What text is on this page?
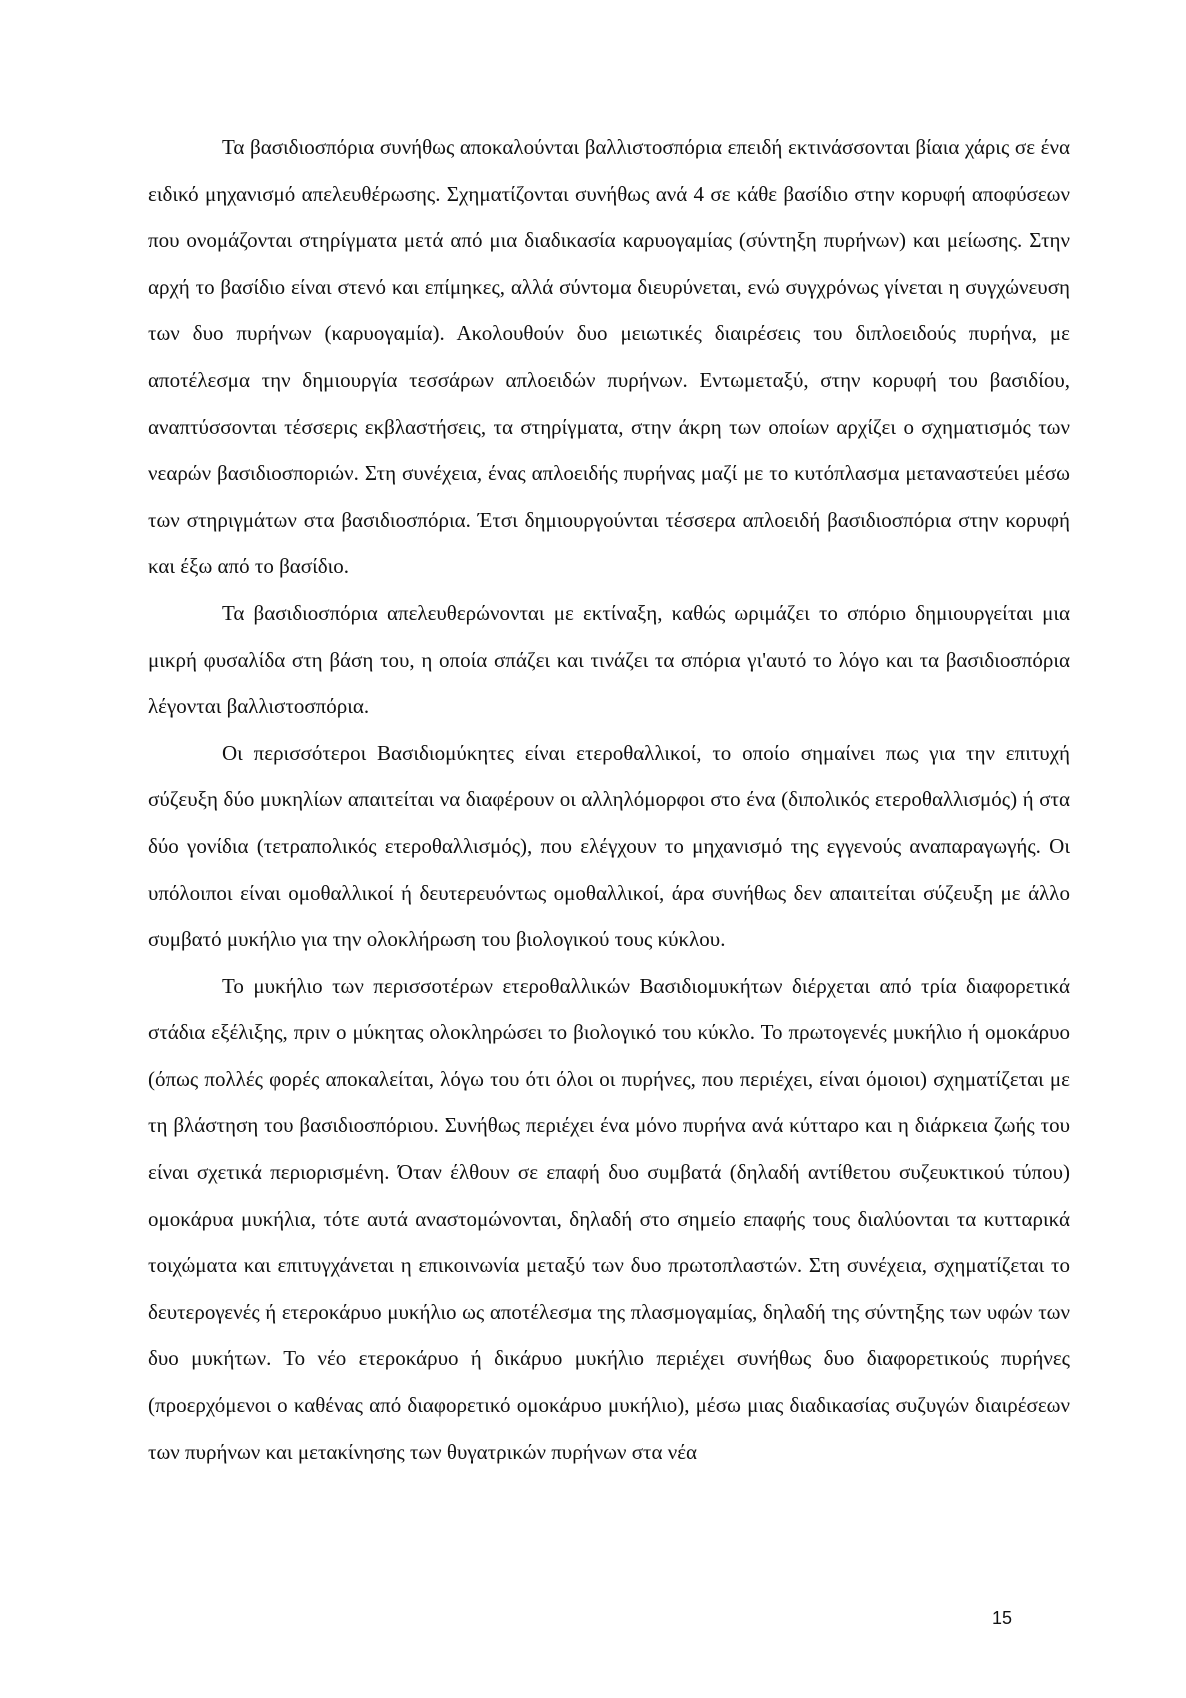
Τα βασιδιοσπόρια συνήθως αποκαλούνται βαλλιστοσπόρια επειδή εκτινάσσονται βίαια χάρις σε ένα ειδικό μηχανισμό απελευθέρωσης. Σχηματίζονται συνήθως ανά 4 σε κάθε βασίδιο στην κορυφή αποφύσεων που ονομάζονται στηρίγματα μετά από μια διαδικασία καρυογαμίας (σύντηξη πυρήνων) και μείωσης. Στην αρχή το βασίδιο είναι στενό και επίμηκες, αλλά σύντομα διευρύνεται, ενώ συγχρόνως γίνεται η συγχώνευση των δυο πυρήνων (καρυογαμία). Ακολουθούν δυο μειωτικές διαιρέσεις του διπλοειδούς πυρήνα, με αποτέλεσμα την δημιουργία τεσσάρων απλοειδών πυρήνων. Εντωμεταξύ, στην κορυφή του βασιδίου, αναπτύσσονται τέσσερις εκβλαστήσεις, τα στηρίγματα, στην άκρη των οποίων αρχίζει ο σχηματισμός των νεαρών βασιδιοσποριών. Στη συνέχεια, ένας απλοειδής πυρήνας μαζί με το κυτόπλασμα μεταναστεύει μέσω των στηριγμάτων στα βασιδιοσπόρια. Έτσι δημιουργούνται τέσσερα απλοειδή βασιδιοσπόρια στην κορυφή και έξω από το βασίδιο.

Τα βασιδιοσπόρια απελευθερώνονται με εκτίναξη, καθώς ωριμάζει το σπόριο δημιουργείται μια μικρή φυσαλίδα στη βάση του, η οποία σπάζει και τινάζει τα σπόρια γι'αυτό το λόγο και τα βασιδιοσπόρια λέγονται βαλλιστοσπόρια.

Οι περισσότεροι Βασιδιομύκητες είναι ετεροθαλλικοί, το οποίο σημαίνει πως για την επιτυχή σύζευξη δύο μυκηλίων απαιτείται να διαφέρουν οι αλληλόμορφοι στο ένα (διπολικός ετεροθαλλισμός) ή στα δύο γονίδια (τετραπολικός ετεροθαλλισμός), που ελέγχουν το μηχανισμό της εγγενούς αναπαραγωγής. Οι υπόλοιποι είναι ομοθαλλικοί ή δευτερευόντως ομοθαλλικοί, άρα συνήθως δεν απαιτείται σύζευξη με άλλο συμβατό μυκήλιο για την ολοκλήρωση του βιολογικού τους κύκλου.

Το μυκήλιο των περισσοτέρων ετεροθαλλικών Βασιδιομυκήτων διέρχεται από τρία διαφορετικά στάδια εξέλιξης, πριν ο μύκητας ολοκληρώσει το βιολογικό του κύκλο. Το πρωτογενές μυκήλιο ή ομοκάρυο (όπως πολλές φορές αποκαλείται, λόγω του ότι όλοι οι πυρήνες, που περιέχει, είναι όμοιοι) σχηματίζεται με τη βλάστηση του βασιδιοσπόριου. Συνήθως περιέχει ένα μόνο πυρήνα ανά κύτταρο και η διάρκεια ζωής του είναι σχετικά περιορισμένη. Όταν έλθουν σε επαφή δυο συμβατά (δηλαδή αντίθετου συζευκτικού τύπου) ομοκάρυα μυκήλια, τότε αυτά αναστομώνονται, δηλαδή στο σημείο επαφής τους διαλύονται τα κυτταρικά τοιχώματα και επιτυγχάνεται η επικοινωνία μεταξύ των δυο πρωτοπλαστών. Στη συνέχεια, σχηματίζεται το δευτερογενές ή ετεροκάρυο μυκήλιο ως αποτέλεσμα της πλασμογαμίας, δηλαδή της σύντηξης των υφών των δυο μυκήτων. Το νέο ετεροκάρυο ή δικάρυο μυκήλιο περιέχει συνήθως δυο διαφορετικούς πυρήνες (προερχόμενοι ο καθένας από διαφορετικό ομοκάρυο μυκήλιο), μέσω μιας διαδικασίας συζυγών διαιρέσεων των πυρήνων και μετακίνησης των θυγατρικών πυρήνων στα νέα

15
